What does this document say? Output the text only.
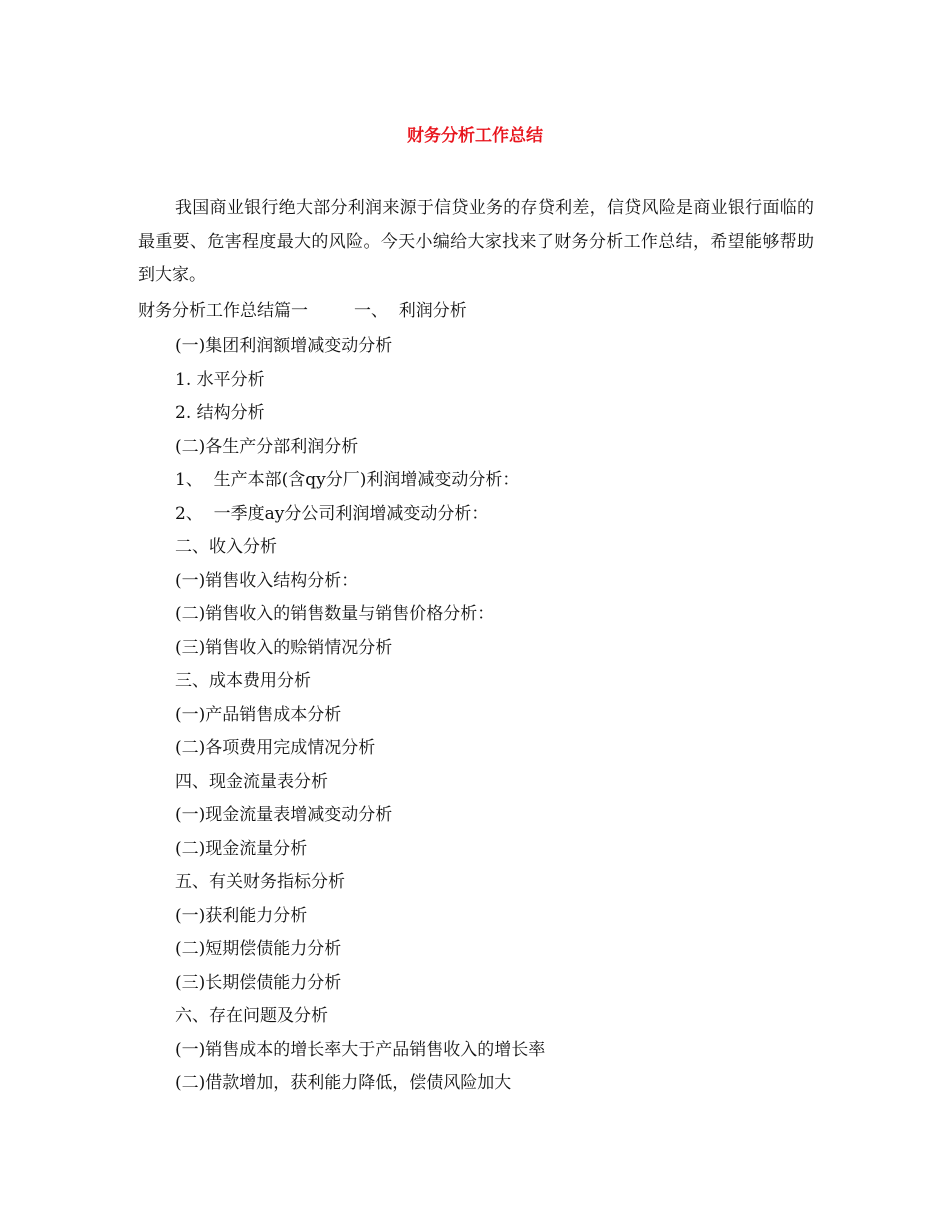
财务分析工作总结

我国商业银行绝大部分利润来源于信贷业务的存贷利差，信贷风险是商业银行面临的最重要、危害程度最大的风险。今天小编给大家找来了财务分析工作总结，希望能够帮助到大家。

财务分析工作总结篇一	一、  利润分析
(一)集团利润额增减变动分析
1. 水平分析
2. 结构分析
(二)各生产分部利润分析
1、  生产本部(含qy分厂)利润增减变动分析：
2、  一季度ay分公司利润增减变动分析：
二、收入分析
(一)销售收入结构分析：
(二)销售收入的销售数量与销售价格分析：
(三)销售收入的赊销情况分析
三、成本费用分析
(一)产品销售成本分析
(二)各项费用完成情况分析
四、现金流量表分析
(一)现金流量表增减变动分析
(二)现金流量分析
五、有关财务指标分析
(一)获利能力分析
(二)短期偿债能力分析
(三)长期偿债能力分析
六、存在问题及分析
(一)销售成本的增长率大于产品销售收入的增长率
(二)借款增加，获利能力降低，偿债风险加大
